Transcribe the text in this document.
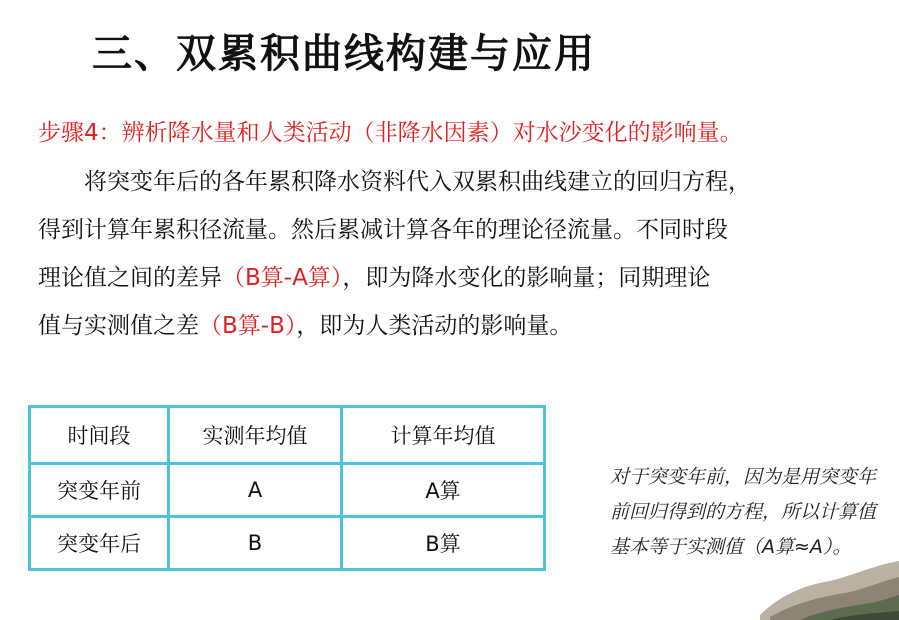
三、双累积曲线构建与应用

步骤4：辨析降水量和人类活动（非降水因素）对水沙变化的影响量。

将突变年后的各年累积降水资料代入双累积曲线建立的回归方程，
得到计算年累积径流量。然后累减计算各年的理论径流量。不同时段
理论值之间的差异（B算-A算），即为降水变化的影响量；同期理论
值与实测值之差（B算-B），即为人类活动的影响量。
时间段	实测年均值	计算年均值
突变年前	A	A算
突变年后	B	B算

对于突变年前，因为是用突变年前回归得到的方程，所以计算值基本等于实测值（A算≈A）。
